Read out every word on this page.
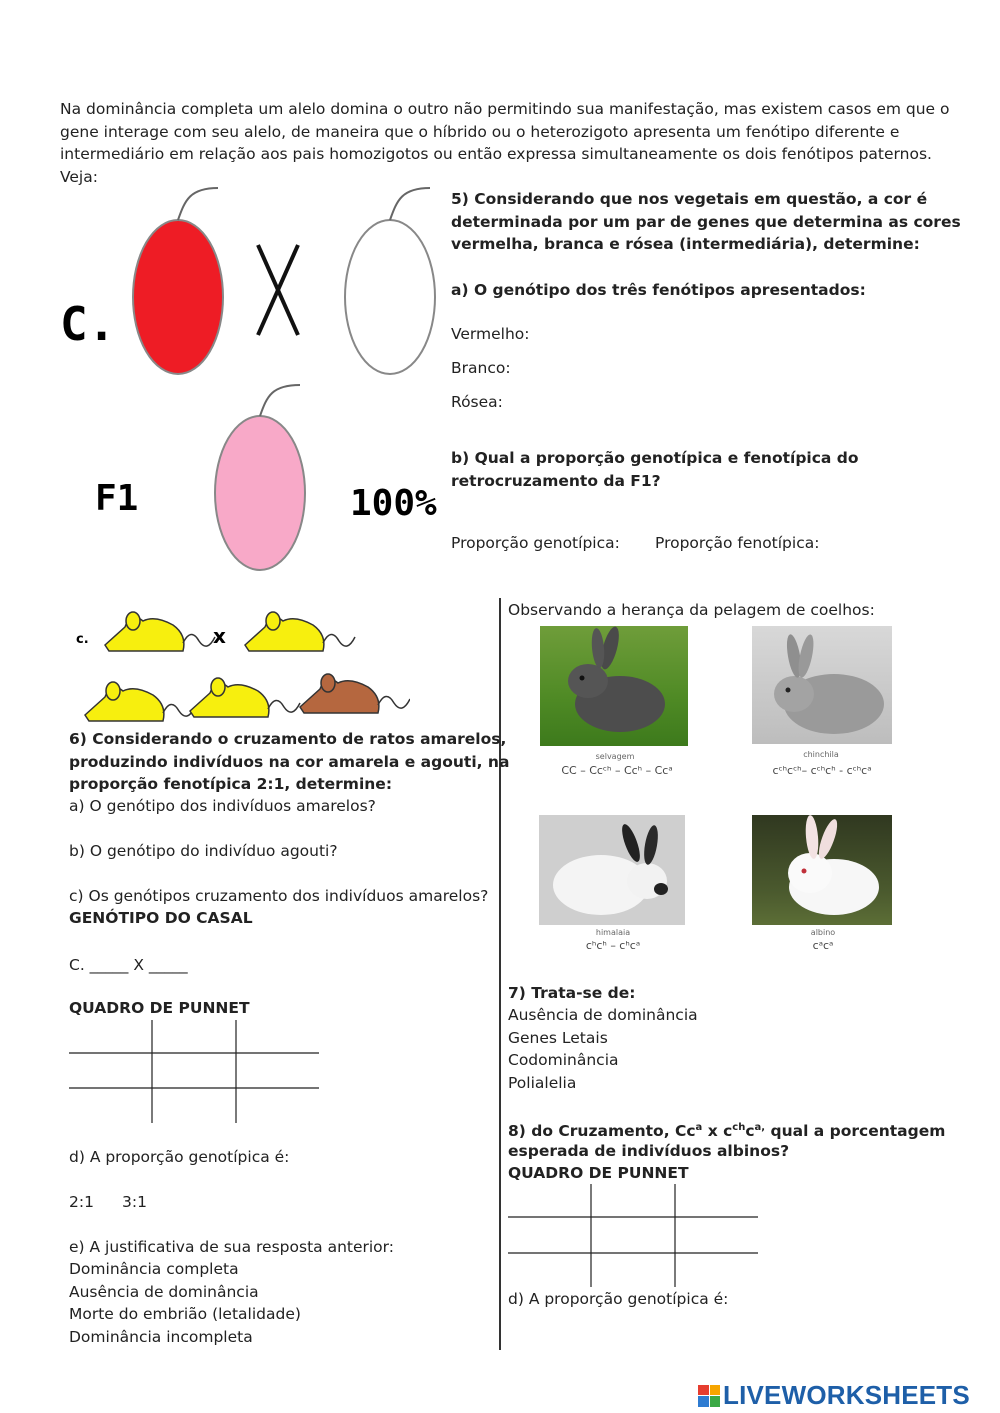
Na dominância completa um alelo domina o outro não permitindo sua manifestação, mas existem casos em que o
gene interage com seu alelo, de maneira que o híbrido ou o heterozigoto apresenta um fenótipo diferente e
intermediário em relação aos pais homozigotos ou então expressa simultaneamente os dois fenótipos paternos.
Veja:
C.
F1	100%
5) Considerando que nos vegetais em questão, a cor é
determinada por um par de genes que determina as cores
vermelha, branca e rósea (intermediária), determine:
a) O genótipo dos três fenótipos apresentados:
Vermelho:
Branco:
Rósea:
b) Qual a proporção genotípica e fenotípica do
retrocruzamento da F1?
Proporção genotípica: Proporção fenotípica:
c.	x
6) Considerando o cruzamento de ratos amarelos,
produzindo indivíduos na cor amarela e agouti, na
proporção fenotípica 2:1, determine:
a) O genótipo dos indivíduos amarelos?
b) O genótipo do indivíduo agouti?
c) Os genótipos cruzamento dos indivíduos amarelos?
GENÓTIPO DO CASAL
C. _____ X _____
QUADRO DE PUNNET
d) A proporção genotípica é:
2:1 3:1
e) A justificativa de sua resposta anterior:
Dominância completa
Ausência de dominância
Morte do embrião (letalidade)
Dominância incompleta
Observando a herança da pelagem de coelhos:
selvagem
CC – Ccᶜʰ – Ccʰ – Ccᵃ
chinchila
cᶜʰcᶜʰ– cᶜʰcʰ - cᶜʰcᵃ
himalaia
cʰcʰ – cʰcᵃ
albino
cᵃcᵃ
7) Trata-se de:
Ausência de dominância
Genes Letais
Codominância
Polialelia
8) do Cruzamento, Cc$^a$ x $c^{ch}c^{a,}$ qual a porcentagem
esperada de indivíduos albinos?
QUADRO DE PUNNET
d) A proporção genotípica é:
LIVEWORKSHEETS
